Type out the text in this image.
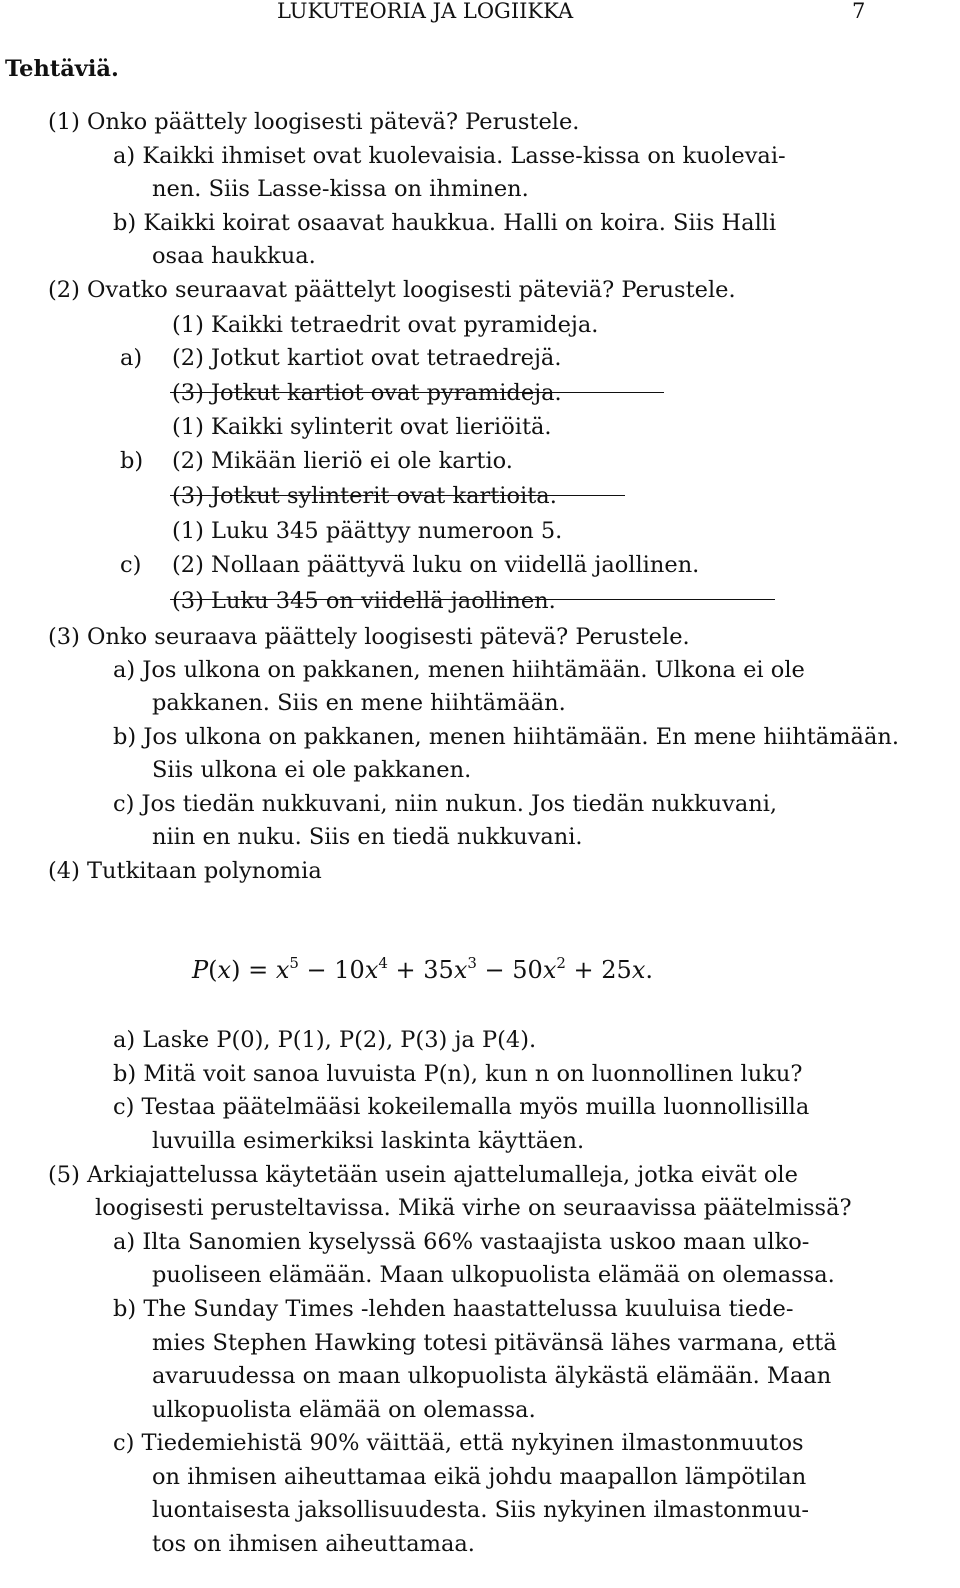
LUKUTEORIA JA LOGIIKKA	7
Tehtäviä.
(1) Onko päättely loogisesti pätevä? Perustele.
a) Kaikki ihmiset ovat kuolevaisia. Lasse-kissa on kuolevai-
nen. Siis Lasse-kissa on ihminen.
b) Kaikki koirat osaavat haukkua. Halli on koira. Siis Halli
osaa haukkua.
(2) Ovatko seuraavat päättelyt loogisesti päteviä? Perustele.
(1) Kaikki tetraedrit ovat pyramideja.
a) (2) Jotkut kartiot ovat tetraedrejä.
(3) Jotkut kartiot ovat pyramideja.
(1) Kaikki sylinterit ovat lieriöitä.
b) (2) Mikään lieriö ei ole kartio.
(3) Jotkut sylinterit ovat kartioita.
(1) Luku 345 päättyy numeroon 5.
c) (2) Nollaan päättyvä luku on viidellä jaollinen.
(3) Luku 345 on viidellä jaollinen.
(3) Onko seuraava päättely loogisesti pätevä? Perustele.
a) Jos ulkona on pakkanen, menen hiihtämään. Ulkona ei ole
pakkanen. Siis en mene hiihtämään.
b) Jos ulkona on pakkanen, menen hiihtämään. En mene hiihtämään.
Siis ulkona ei ole pakkanen.
c) Jos tiedän nukkuvani, niin nukun. Jos tiedän nukkuvani,
niin en nuku. Siis en tiedä nukkuvani.
(4) Tutkitaan polynomia
a) Laske P(0), P(1), P(2), P(3) ja P(4).
b) Mitä voit sanoa luvuista P(n), kun n on luonnollinen luku?
c) Testaa päätelmääsi kokeilemalla myös muilla luonnollisilla
luvuilla esimerkiksi laskinta käyttäen.
(5) Arkiajattelussa käytetään usein ajattelumalleja, jotka eivät ole
loogisesti perusteltavissa. Mikä virhe on seuraavissa päätelmissä?
a) Ilta Sanomien kyselyssä 66% vastaajista uskoo maan ulko-
puoliseen elämään. Maan ulkopuolista elämää on olemassa.
b) The Sunday Times -lehden haastattelussa kuuluisa tiede-
mies Stephen Hawking totesi pitävänsä lähes varmana, että
avaruudessa on maan ulkopuolista älykästä elämään. Maan
ulkopuolista elämää on olemassa.
c) Tiedemiehistä 90% väittää, että nykyinen ilmastonmuutos
on ihmisen aiheuttamaa eikä johdu maapallon lämpötilan
luontaisesta jaksollisuudesta. Siis nykyinen ilmastonmuu-
tos on ihmisen aiheuttamaa.
$P(x) = x^5 - 10x^4 + 35x^3 - 50x^2 + 25x$.
